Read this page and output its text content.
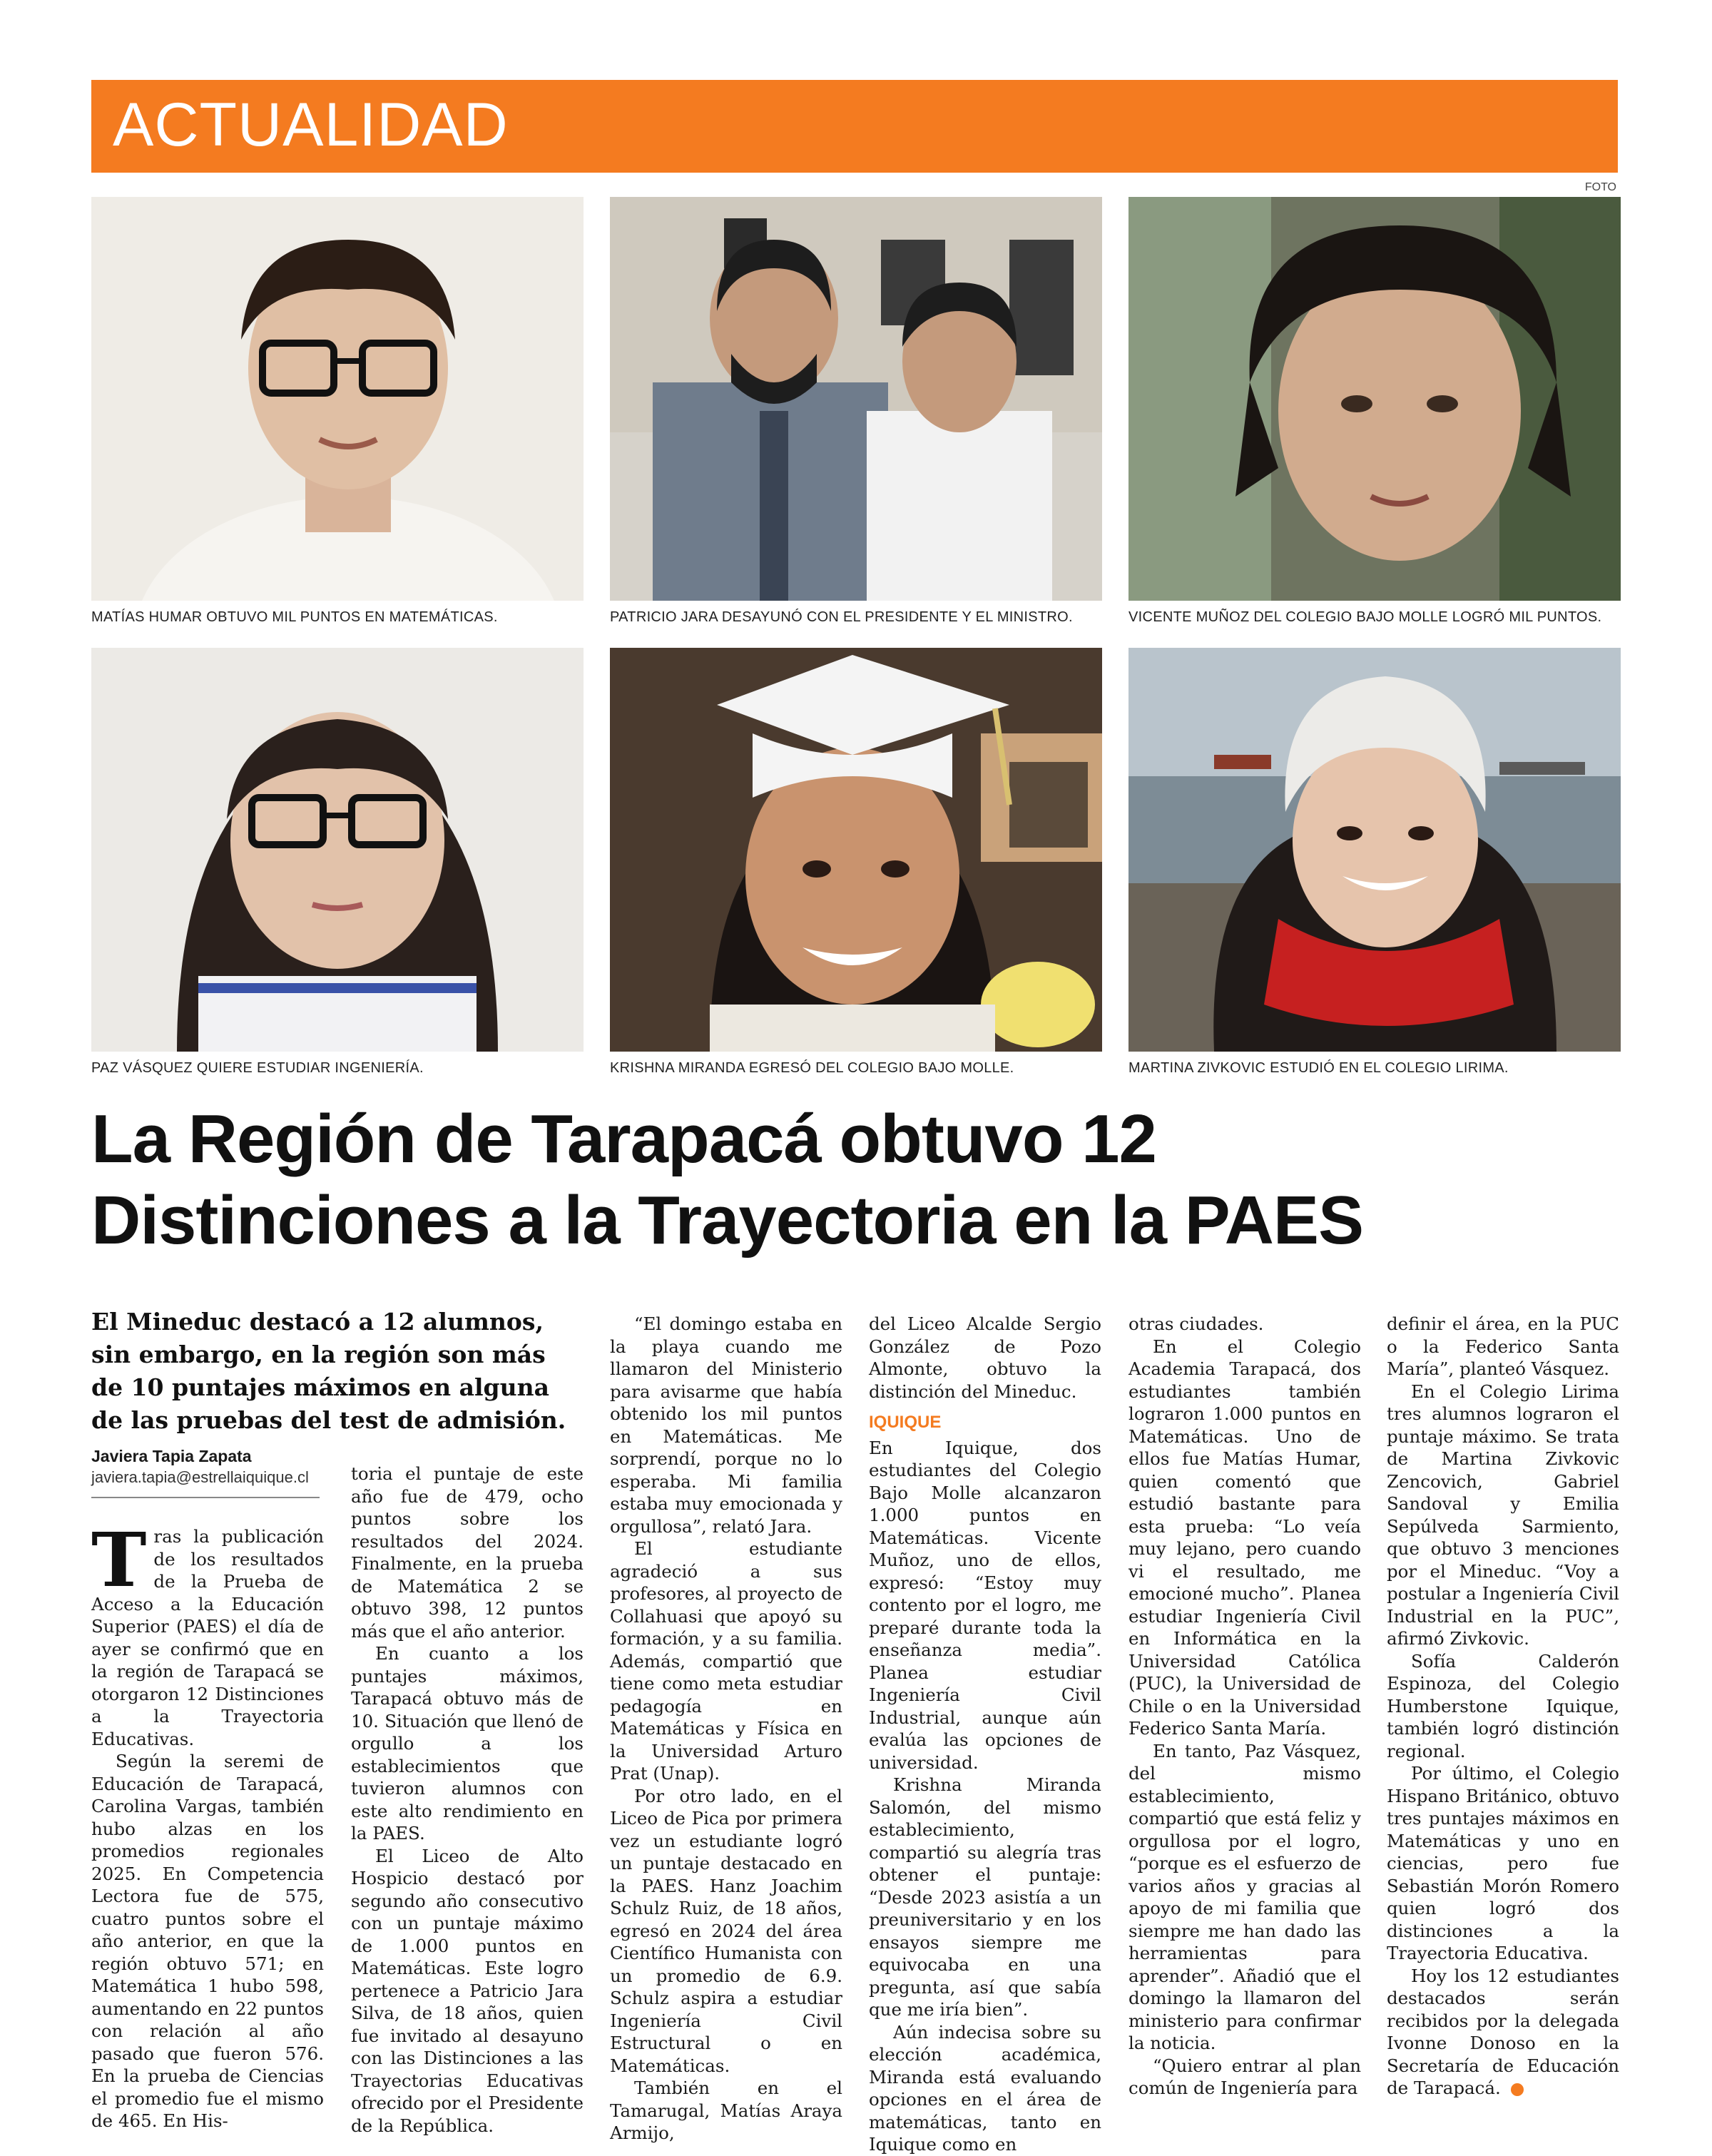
ACTUALIDAD
FOTO
MATÍAS HUMAR OBTUVO MIL PUNTOS EN MATEMÁTICAS.	PATRICIO JARA DESAYUNÓ CON EL PRESIDENTE Y EL MINISTRO.	VICENTE MUÑOZ DEL COLEGIO BAJO MOLLE LOGRÓ MIL PUNTOS.
PAZ VÁSQUEZ QUIERE ESTUDIAR INGENIERÍA.	KRISHNA MIRANDA EGRESÓ DEL COLEGIO BAJO MOLLE.	MARTINA ZIVKOVIC ESTUDIÓ EN EL COLEGIO LIRIMA.
La Región de Tarapacá obtuvo 12
Distinciones a la Trayectoria en la PAES
El Mineduc destacó a 12 alumnos, sin embargo, en la región son más de 10 puntajes máximos en alguna de las pruebas del test de admisión.
Javiera Tapia Zapata
javiera.tapia@estrellaiquique.cl

Tras la publicación de los resultados de la Prueba de Acceso a la Educación Superior (PAES) el día de ayer se confirmó que en la región de Tarapacá se otorgaron 12 Distinciones a la Trayectoria Educativas.

Según la seremi de Educación de Tarapacá, Carolina Vargas, también hubo alzas en los promedios regionales 2025. En Competencia Lectora fue de 575, cuatro puntos sobre el año anterior, en que la región obtuvo 571; en Matemática 1 hubo 598, aumentando en 22 puntos con relación al año pasado que fueron 576. En la prueba de Ciencias el promedio fue el mismo de 465. En His-

toria el puntaje de este año fue de 479, ocho puntos sobre los resultados del 2024. Finalmente, en la prueba de Matemática 2 se obtuvo 398, 12 puntos más que el año anterior.

En cuanto a los puntajes máximos, Tarapacá obtuvo más de 10. Situación que llenó de orgullo a los establecimientos que tuvieron alumnos con este alto rendimiento en la PAES.

El Liceo de Alto Hospicio destacó por segundo año consecutivo con un puntaje máximo de 1.000 puntos en Matemáticas. Este logro pertenece a Patricio Jara Silva, de 18 años, quien fue invitado al desayuno con las Distinciones a las Trayectorias Educativas ofrecido por el Presidente de la República.

“El domingo estaba en la playa cuando me llamaron del Ministerio para avisarme que había obtenido los mil puntos en Matemáticas. Me sorprendí, porque no lo esperaba. Mi familia estaba muy emocionada y orgullosa”, relató Jara.

El estudiante agradeció a sus profesores, al proyecto de Collahuasi que apoyó su formación, y a su familia. Además, compartió que tiene como meta estudiar pedagogía en Matemáticas y Física en la Universidad Arturo Prat (Unap).

Por otro lado, en el Liceo de Pica por primera vez un estudiante logró un puntaje destacado en la PAES. Hanz Joachim Schulz Ruiz, de 18 años, egresó en 2024 del área Científico Humanista con un promedio de 6.9. Schulz aspira a estudiar Ingeniería Civil Estructural o en Matemáticas.

También en el Tamarugal, Matías Araya Armijo,

del Liceo Alcalde Sergio González de Pozo Almonte, obtuvo la distinción del Mineduc.

IQUIQUE

En Iquique, dos estudiantes del Colegio Bajo Molle alcanzaron 1.000 puntos en Matemáticas. Vicente Muñoz, uno de ellos, expresó: “Estoy muy contento por el logro, me preparé durante toda la enseñanza media”. Planea estudiar Ingeniería Civil Industrial, aunque aún evalúa las opciones de universidad.

Krishna Miranda Salomón, del mismo establecimiento, compartió su alegría tras obtener el puntaje: “Desde 2023 asistía a un preuniversitario y en los ensayos siempre me equivocaba en una pregunta, así que sabía que me iría bien”.

Aún indecisa sobre su elección académica, Miranda está evaluando opciones en el área de matemáticas, tanto en Iquique como en

otras ciudades.

En el Colegio Academia Tarapacá, dos estudiantes también lograron 1.000 puntos en Matemáticas. Uno de ellos fue Matías Humar, quien comentó que estudió bastante para esta prueba: “Lo veía muy lejano, pero cuando vi el resultado, me emocioné mucho”. Planea estudiar Ingeniería Civil en Informática en la Universidad Católica (PUC), la Universidad de Chile o en la Universidad Federico Santa María.

En tanto, Paz Vásquez, del mismo establecimiento, compartió que está feliz y orgullosa por el logro, “porque es el esfuerzo de varios años y gracias al apoyo de mi familia que siempre me han dado las herramientas para aprender”. Añadió que el domingo la llamaron del ministerio para confirmar la noticia.

“Quiero entrar al plan común de Ingeniería para

definir el área, en la PUC o la Federico Santa María”, planteó Vásquez.

En el Colegio Lirima tres alumnos lograron el puntaje máximo. Se trata de Martina Zivkovic Zencovich, Gabriel Sandoval y Emilia Sepúlveda Sarmiento, que obtuvo 3 menciones por el Mineduc. “Voy a postular a Ingeniería Civil Industrial en la PUC”, afirmó Zivkovic.

Sofía Calderón Espinoza, del Colegio Humberstone Iquique, también logró distinción regional.

Por último, el Colegio Hispano Británico, obtuvo tres puntajes máximos en Matemáticas y uno en ciencias, pero fue Sebastián Morón Romero quien logró dos distinciones a la Trayectoria Educativa.

Hoy los 12 estudiantes destacados serán recibidos por la delegada Ivonne Donoso en la Secretaría de Educación de Tarapacá.	✪
